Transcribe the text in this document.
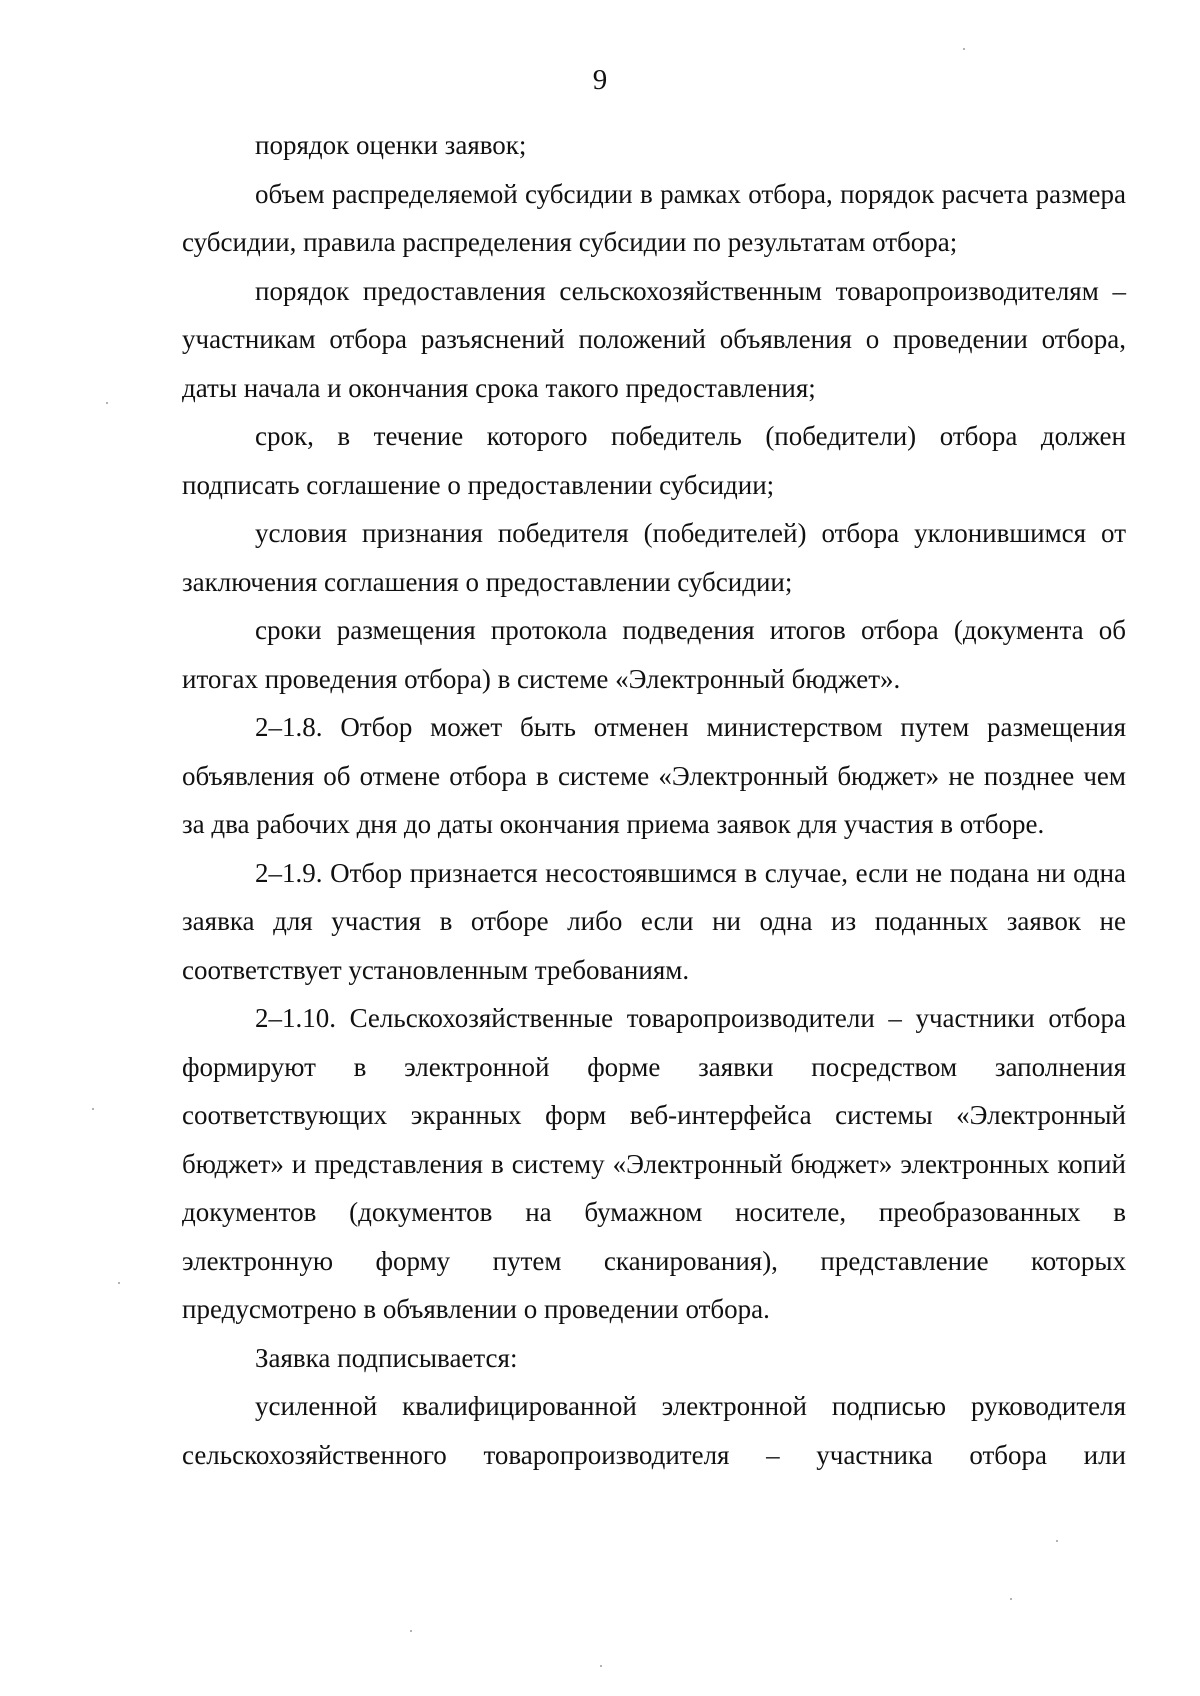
9

порядок оценки заявок;

объем распределяемой субсидии в рамках отбора, порядок расчета размера субсидии, правила распределения субсидии по результатам отбора;

порядок предоставления сельскохозяйственным товаропроизводителям – участникам отбора разъяснений положений объявления о проведении отбора, даты начала и окончания срока такого предоставления;

срок, в течение которого победитель (победители) отбора должен подписать соглашение о предоставлении субсидии;

условия признания победителя (победителей) отбора уклонившимся от заключения соглашения о предоставлении субсидии;

сроки размещения протокола подведения итогов отбора (документа об итогах проведения отбора) в системе «Электронный бюджет».

2–1.8. Отбор может быть отменен министерством путем размещения объявления об отмене отбора в системе «Электронный бюджет» не позднее чем за два рабочих дня до даты окончания приема заявок для участия в отборе.

2–1.9. Отбор признается несостоявшимся в случае, если не подана ни одна заявка для участия в отборе либо если ни одна из поданных заявок не соответствует установленным требованиям.

2–1.10. Сельскохозяйственные товаропроизводители – участники отбора формируют в электронной форме заявки посредством заполнения соответствующих экранных форм веб-интерфейса системы «Электронный бюджет» и представления в систему «Электронный бюджет» электронных копий документов (документов на бумажном носителе, преобразованных в электронную форму путем сканирования), представление которых предусмотрено в объявлении о проведении отбора.

Заявка подписывается:

усиленной квалифицированной электронной подписью руководителя сельскохозяйственного товаропроизводителя – участника отбора или
